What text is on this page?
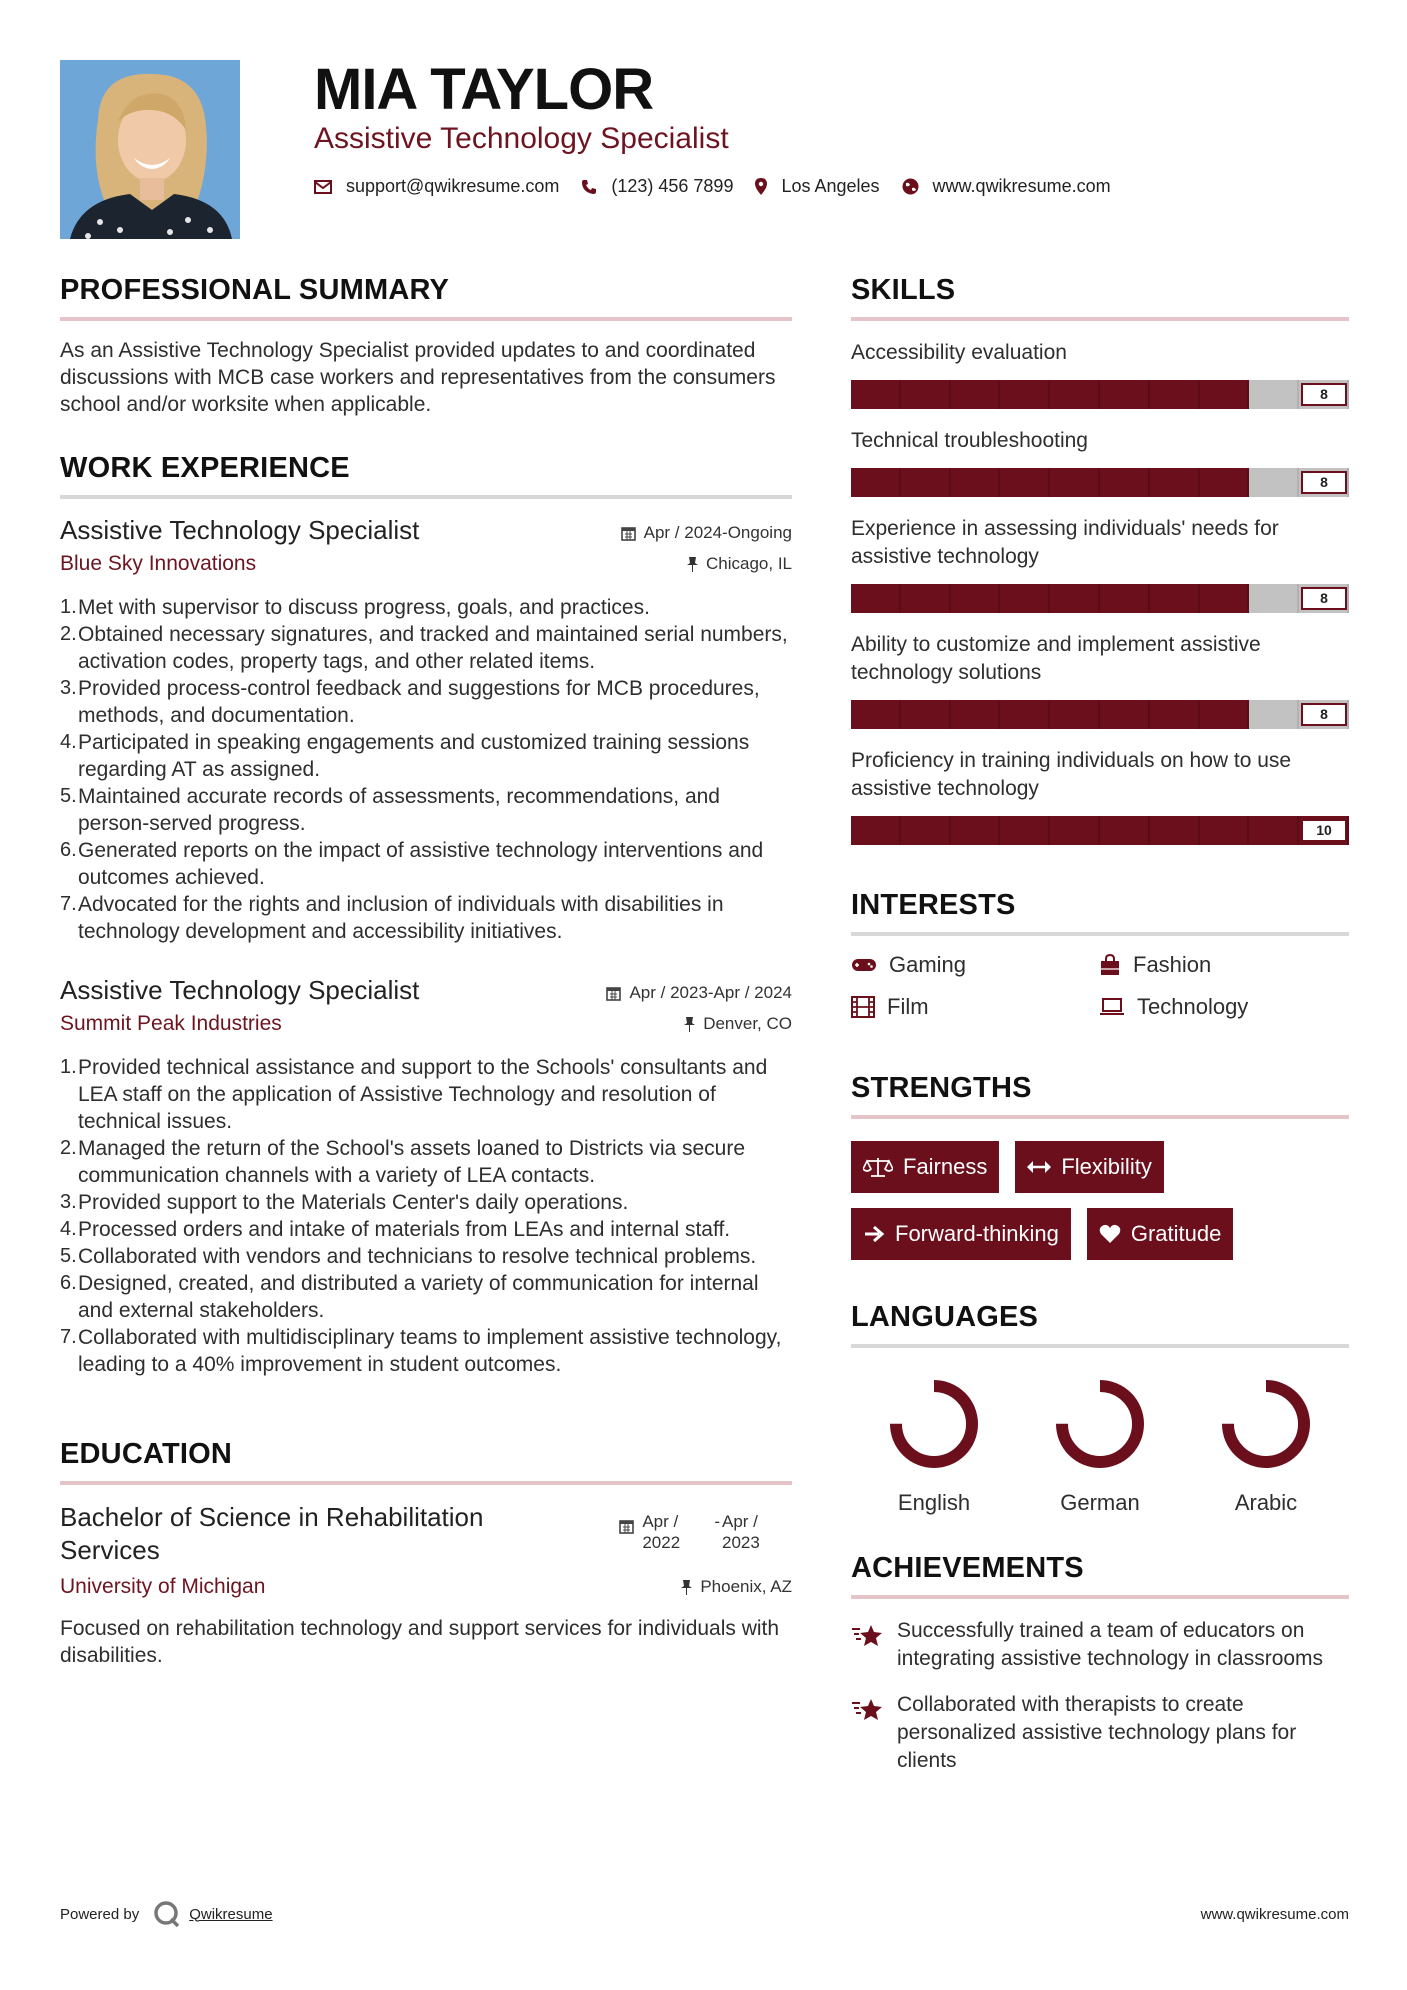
MIA TAYLOR
Assistive Technology Specialist
support@qwikresume.com	(123) 456 7899	Los Angeles	www.qwikresume.com
PROFESSIONAL SUMMARY
As an Assistive Technology Specialist provided updates to and coordinated discussions with MCB case workers and representatives from the consumers school and/or worksite when applicable.
WORK EXPERIENCE
Assistive Technology Specialist	Apr / 2024-Ongoing
Blue Sky Innovations	Chicago, IL
1. Met with supervisor to discuss progress, goals, and practices.
2. Obtained necessary signatures, and tracked and maintained serial numbers, activation codes, property tags, and other related items.
3. Provided process-control feedback and suggestions for MCB procedures, methods, and documentation.
4. Participated in speaking engagements and customized training sessions regarding AT as assigned.
5. Maintained accurate records of assessments, recommendations, and person-served progress.
6. Generated reports on the impact of assistive technology interventions and outcomes achieved.
7. Advocated for the rights and inclusion of individuals with disabilities in technology development and accessibility initiatives.
Assistive Technology Specialist	Apr / 2023-Apr / 2024
Summit Peak Industries	Denver, CO
1. Provided technical assistance and support to the Schools' consultants and LEA staff on the application of Assistive Technology and resolution of technical issues.
2. Managed the return of the School's assets loaned to Districts via secure communication channels with a variety of LEA contacts.
3. Provided support to the Materials Center's daily operations.
4. Processed orders and intake of materials from LEAs and internal staff.
5. Collaborated with vendors and technicians to resolve technical problems.
6. Designed, created, and distributed a variety of communication for internal and external stakeholders.
7. Collaborated with multidisciplinary teams to implement assistive technology, leading to a 40% improvement in student outcomes.
EDUCATION
Bachelor of Science in Rehabilitation Services
Apr / 2022
- Apr / 2023
University of Michigan	Phoenix, AZ
Focused on rehabilitation technology and support services for individuals with disabilities.
SKILLS
Accessibility evaluation
8
Technical troubleshooting
8
Experience in assessing individuals' needs for assistive technology
8
Ability to customize and implement assistive technology solutions
8
Proficiency in training individuals on how to use assistive technology
10
INTERESTS
Gaming	Fashion
Film	Technology
STRENGTHS
Fairness	Flexibility
Forward-thinking	Gratitude
LANGUAGES
English	German	Arabic
ACHIEVEMENTS
Successfully trained a team of educators on integrating assistive technology in classrooms
Collaborated with therapists to create personalized assistive technology plans for clients
Powered by	Qwikresume	www.qwikresume.com
